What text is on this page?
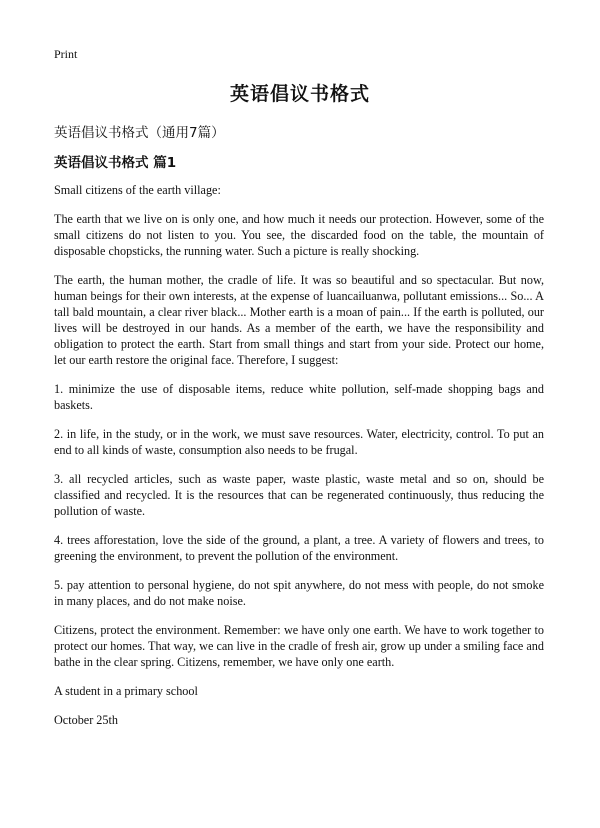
Print
英语倡议书格式
英语倡议书格式（通用7篇）
英语倡议书格式 篇1

Small citizens of the earth village:

The earth that we live on is only one, and how much it needs our protection. However, some of the small citizens do not listen to you. You see, the discarded food on the table, the mountain of disposable chopsticks, the running water. Such a picture is really shocking.

The earth, the human mother, the cradle of life. It was so beautiful and so spectacular. But now, human beings for their own interests, at the expense of luancailuanwa, pollutant emissions... So... A tall bald mountain, a clear river black... Mother earth is a moan of pain... If the earth is polluted, our lives will be destroyed in our hands. As a member of the earth, we have the responsibility and obligation to protect the earth. Start from small things and start from your side. Protect our home, let our earth restore the original face. Therefore, I suggest:

1. minimize the use of disposable items, reduce white pollution, self-made shopping bags and baskets.

2. in life, in the study, or in the work, we must save resources. Water, electricity, control. To put an end to all kinds of waste, consumption also needs to be frugal.

3. all recycled articles, such as waste paper, waste plastic, waste metal and so on, should be classified and recycled. It is the resources that can be regenerated continuously, thus reducing the pollution of waste.

4. trees afforestation, love the side of the ground, a plant, a tree. A variety of flowers and trees, to greening the environment, to prevent the pollution of the environment.

5. pay attention to personal hygiene, do not spit anywhere, do not mess with people, do not smoke in many places, and do not make noise.

Citizens, protect the environment. Remember: we have only one earth. We have to work together to protect our homes. That way, we can live in the cradle of fresh air, grow up under a smiling face and bathe in the clear spring. Citizens, remember, we have only one earth.

A student in a primary school

October 25th
